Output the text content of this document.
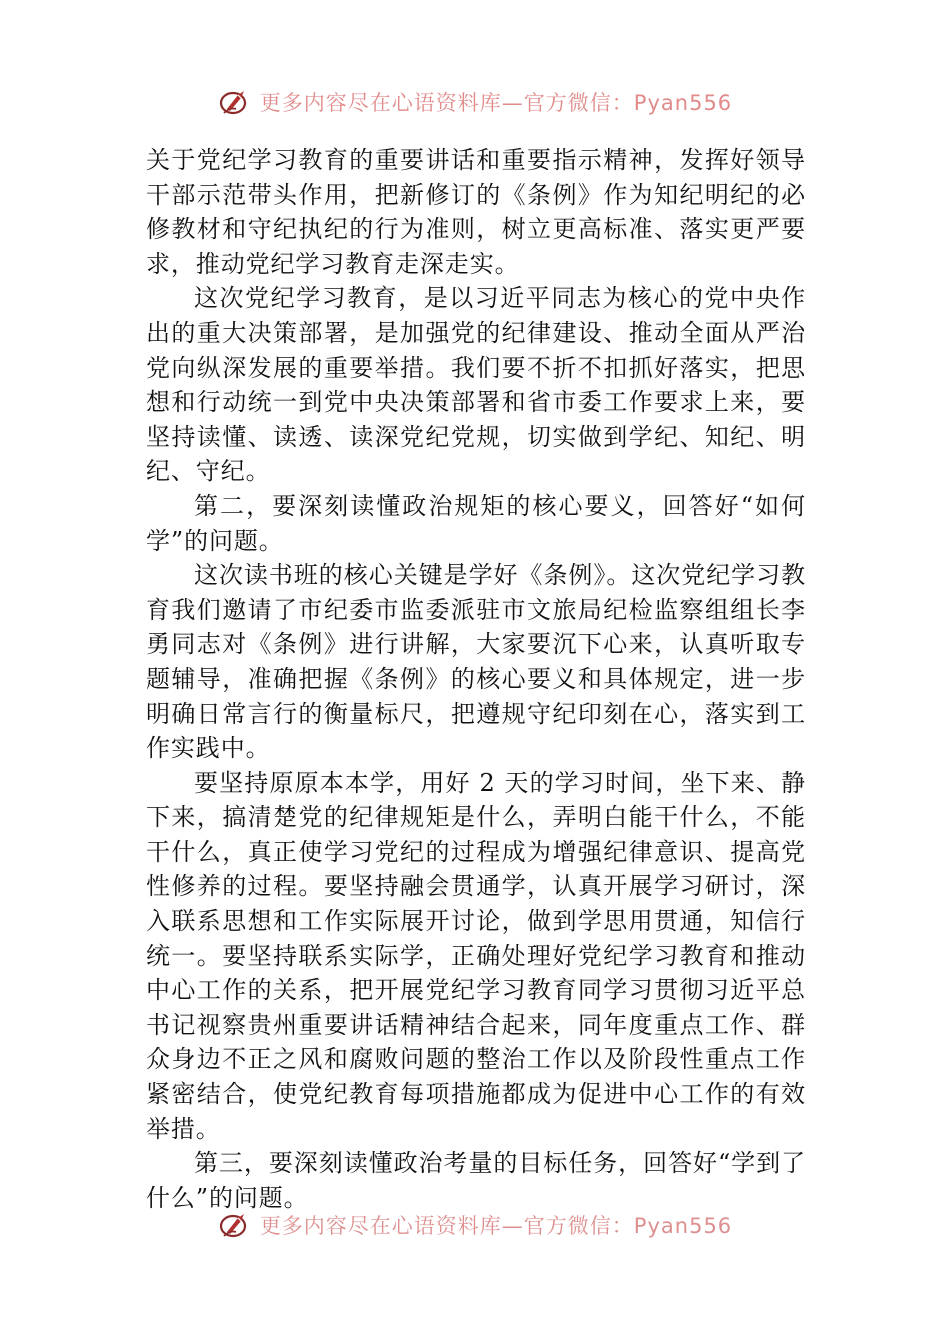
更多内容尽在心语资料库—官方微信：Pyan556

关于党纪学习教育的重要讲话和重要指示精神，发挥好领导干部示范带头作用，把新修订的《条例》作为知纪明纪的必修教材和守纪执纪的行为准则，树立更高标准、落实更严要求，推动党纪学习教育走深走实。

这次党纪学习教育，是以习近平同志为核心的党中央作出的重大决策部署，是加强党的纪律建设、推动全面从严治党向纵深发展的重要举措。我们要不折不扣抓好落实，把思想和行动统一到党中央决策部署和省市委工作要求上来，要坚持读懂、读透、读深党纪党规，切实做到学纪、知纪、明纪、守纪。

第二，要深刻读懂政治规矩的核心要义，回答好“如何学”的问题。

这次读书班的核心关键是学好《条例》。这次党纪学习教育我们邀请了市纪委市监委派驻市文旅局纪检监察组组长李勇同志对《条例》进行讲解，大家要沉下心来，认真听取专题辅导，准确把握《条例》的核心要义和具体规定，进一步明确日常言行的衡量标尺，把遵规守纪印刻在心，落实到工作实践中。

要坚持原原本本学，用好 2 天的学习时间，坐下来、静下来，搞清楚党的纪律规矩是什么，弄明白能干什么，不能干什么，真正使学习党纪的过程成为增强纪律意识、提高党性修养的过程。要坚持融会贯通学，认真开展学习研讨，深入联系思想和工作实际展开讨论，做到学思用贯通，知信行统一。要坚持联系实际学，正确处理好党纪学习教育和推动中心工作的关系，把开展党纪学习教育同学习贯彻习近平总书记视察贵州重要讲话精神结合起来，同年度重点工作、群众身边不正之风和腐败问题的整治工作以及阶段性重点工作紧密结合，使党纪教育每项措施都成为促进中心工作的有效举措。

第三，要深刻读懂政治考量的目标任务，回答好“学到了什么”的问题。

更多内容尽在心语资料库—官方微信：Pyan556
